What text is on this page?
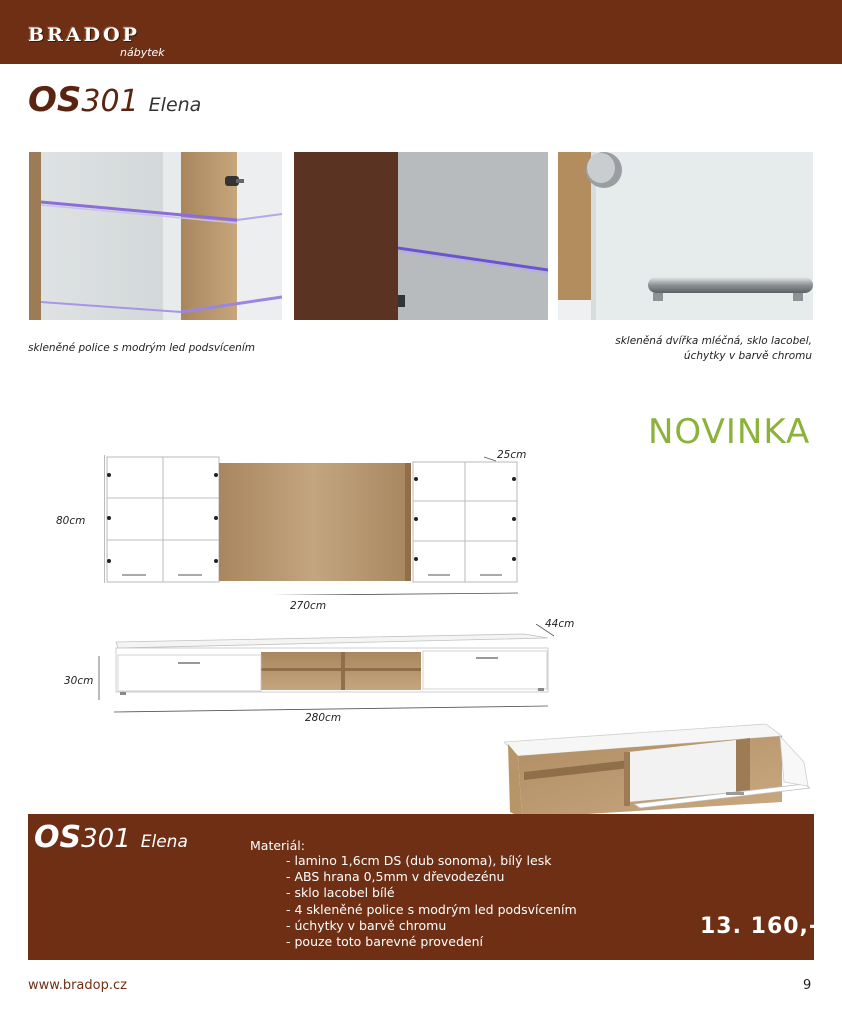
BRADOP
nábytek
OS301 Elena
skleněné police s modrým led podsvícením
skleněná dvířka mléčná, sklo lacobel,
úchytky v barvě chromu
NOVINKA
25cm
80cm
270cm
44cm
30cm
280cm
OS301 Elena	Materiál:
- lamino 1,6cm DS (dub sonoma), bílý lesk
- ABS hrana 0,5mm v dřevodezénu
- sklo lacobel bílé
- 4 skleněné police s modrým led podsvícením
- úchytky v barvě chromu
- pouze toto barevné provedení
13. 160,-
www.bradop.cz	9
